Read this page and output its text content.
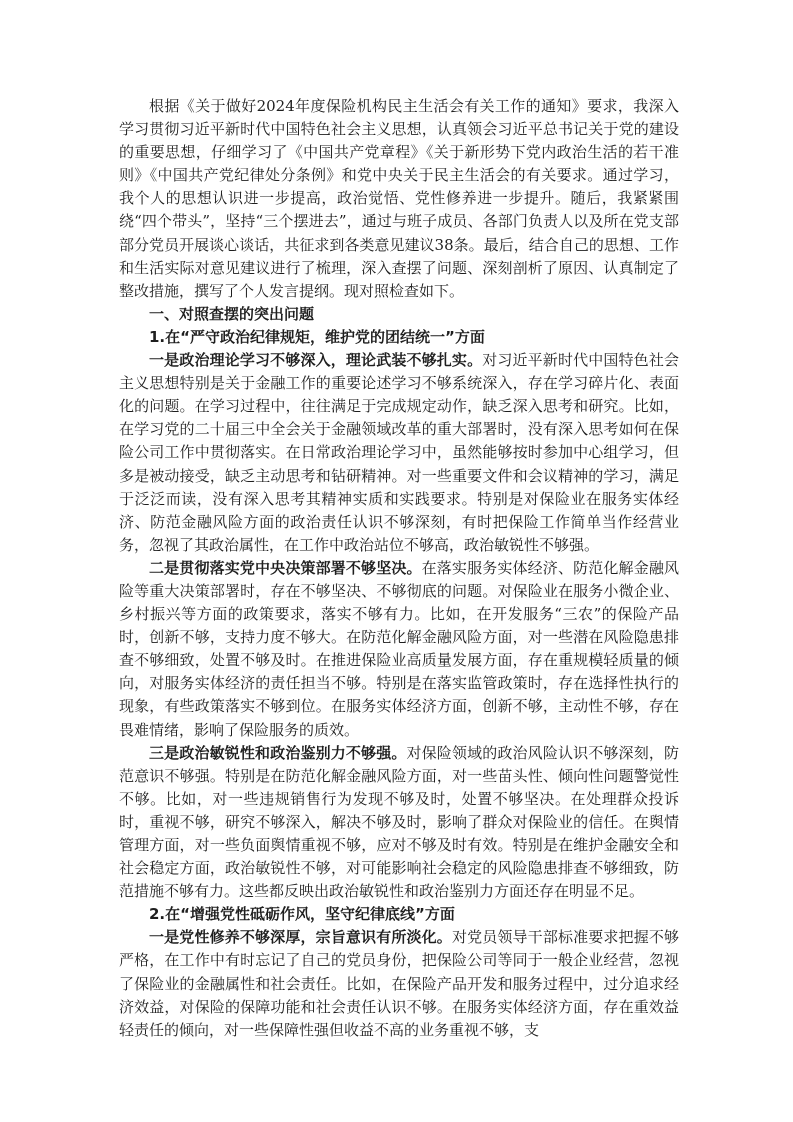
根据《关于做好2024年度保险机构民主生活会有关工作的通知》要求，我深入学习贯彻习近平新时代中国特色社会主义思想，认真领会习近平总书记关于党的建设的重要思想，仔细学习了《中国共产党章程》《关于新形势下党内政治生活的若干准则》《中国共产党纪律处分条例》和党中央关于民主生活会的有关要求。通过学习，我个人的思想认识进一步提高，政治觉悟、党性修养进一步提升。随后，我紧紧围绕“四个带头”，坚持“三个摆进去”，通过与班子成员、各部门负责人以及所在党支部部分党员开展谈心谈话，共征求到各类意见建议38条。最后，结合自己的思想、工作和生活实际对意见建议进行了梳理，深入查摆了问题、深刻剖析了原因、认真制定了整改措施，撰写了个人发言提纲。现对照检查如下。

一、对照查摆的突出问题

1.在“严守政治纪律规矩，维护党的团结统一”方面

一是政治理论学习不够深入，理论武装不够扎实。对习近平新时代中国特色社会主义思想特别是关于金融工作的重要论述学习不够系统深入，存在学习碎片化、表面化的问题。在学习过程中，往往满足于完成规定动作，缺乏深入思考和研究。比如，在学习党的二十届三中全会关于金融领域改革的重大部署时，没有深入思考如何在保险公司工作中贯彻落实。在日常政治理论学习中，虽然能够按时参加中心组学习，但多是被动接受，缺乏主动思考和钻研精神。对一些重要文件和会议精神的学习，满足于泛泛而读，没有深入思考其精神实质和实践要求。特别是对保险业在服务实体经济、防范金融风险方面的政治责任认识不够深刻，有时把保险工作简单当作经营业务，忽视了其政治属性，在工作中政治站位不够高，政治敏锐性不够强。

二是贯彻落实党中央决策部署不够坚决。在落实服务实体经济、防范化解金融风险等重大决策部署时，存在不够坚决、不够彻底的问题。对保险业在服务小微企业、乡村振兴等方面的政策要求，落实不够有力。比如，在开发服务“三农”的保险产品时，创新不够，支持力度不够大。在防范化解金融风险方面，对一些潜在风险隐患排查不够细致，处置不够及时。在推进保险业高质量发展方面，存在重规模轻质量的倾向，对服务实体经济的责任担当不够。特别是在落实监管政策时，存在选择性执行的现象，有些政策落实不够到位。在服务实体经济方面，创新不够，主动性不够，存在畏难情绪，影响了保险服务的质效。

三是政治敏锐性和政治鉴别力不够强。对保险领域的政治风险认识不够深刻，防范意识不够强。特别是在防范化解金融风险方面，对一些苗头性、倾向性问题警觉性不够。比如，对一些违规销售行为发现不够及时，处置不够坚决。在处理群众投诉时，重视不够，研究不够深入，解决不够及时，影响了群众对保险业的信任。在舆情管理方面，对一些负面舆情重视不够，应对不够及时有效。特别是在维护金融安全和社会稳定方面，政治敏锐性不够，对可能影响社会稳定的风险隐患排查不够细致，防范措施不够有力。这些都反映出政治敏锐性和政治鉴别力方面还存在明显不足。

2.在“增强党性砥砺作风，坚守纪律底线”方面

一是党性修养不够深厚，宗旨意识有所淡化。对党员领导干部标准要求把握不够严格，在工作中有时忘记了自己的党员身份，把保险公司等同于一般企业经营，忽视了保险业的金融属性和社会责任。比如，在保险产品开发和服务过程中，过分追求经济效益，对保险的保障功能和社会责任认识不够。在服务实体经济方面，存在重效益轻责任的倾向，对一些保障性强但收益不高的业务重视不够，支
